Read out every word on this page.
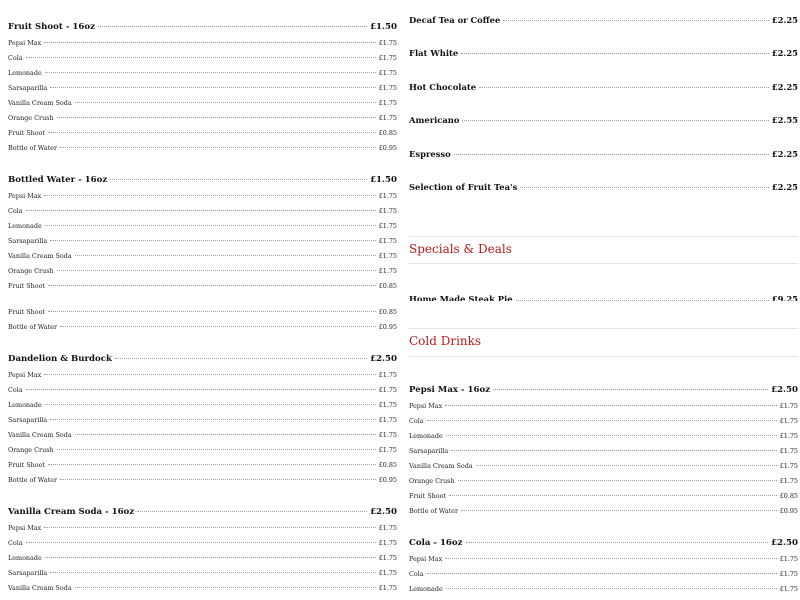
Fruit Shoot - 16oz	£1.50
Pepsi Max	£1.75
Cola	£1.75
Lemonade	£1.75
Sarsaparilla	£1.75
Vanilla Cream Soda	£1.75
Orange Crush	£1.75
Fruit Shoot	£0.85
Bottle of Water	£0.95
Bottled Water - 16oz	£1.50
Pepsi Max	£1.75
Cola	£1.75
Lemonade	£1.75
Sarsaparilla	£1.75
Vanilla Cream Soda	£1.75
Orange Crush	£1.75
Fruit Shoot	£0.85
Fruit Shoot	£0.85
Bottle of Water	£0.95
Dandelion & Burdock	£2.50
Pepsi Max	£1.75
Cola	£1.75
Lemonade	£1.75
Sarsaparilla	£1.75
Vanilla Cream Soda	£1.75
Orange Crush	£1.75
Fruit Shoot	£0.85
Bottle of Water	£0.95
Vanilla Cream Soda - 16oz	£2.50
Pepsi Max	£1.75
Cola	£1.75
Lemonade	£1.75
Sarsaparilla	£1.75
Vanilla Cream Soda	£1.75
Specials & Deals
Cold Drinks
Decaf Tea or Coffee	£2.25
Flat White	£2.25
Hot Chocolate	£2.25
Americano	£2.55
Espresso	£2.25
Selection of Fruit Tea's	£2.25
Home Made Steak Pie	£9.25
Pepsi Max - 16oz	£2.50
Pepsi Max	£1.75
Cola	£1.75
Lemonade	£1.75
Sarsaparilla	£1.75
Vanilla Cream Soda	£1.75
Orange Crush	£1.75
Fruit Shoot	£0.85
Bottle of Water	£0.95
Cola - 16oz	£2.50
Pepsi Max	£1.75
Cola	£1.75
Lemonade	£1.75
